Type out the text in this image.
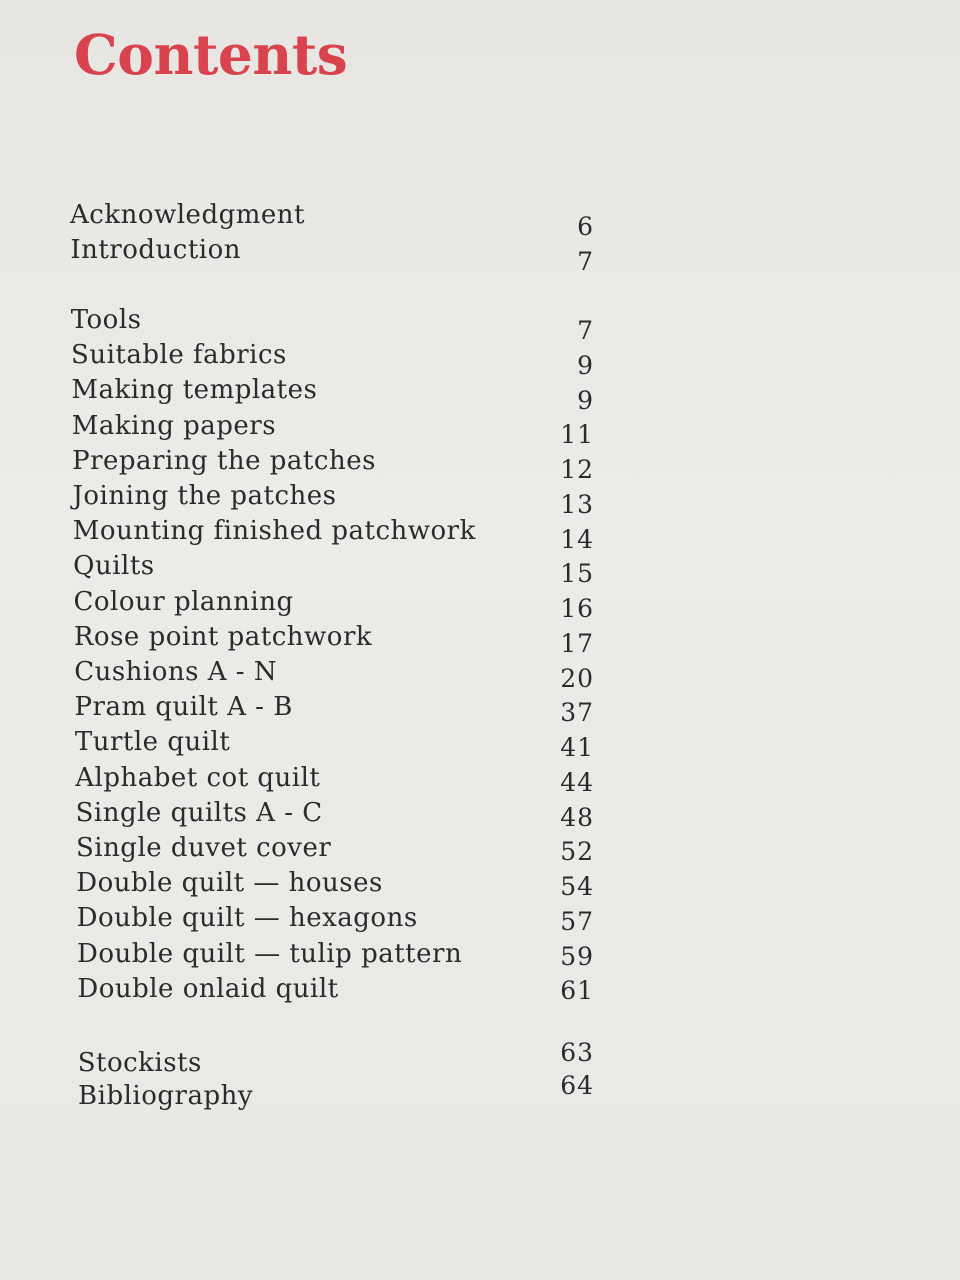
Contents
Acknowledgment	6
Introduction	7
Tools	7
Suitable fabrics	9
Making templates	9
Making papers	11
Preparing the patches	12
Joining the patches	13
Mounting finished patchwork	14
Quilts	15
Colour planning	16
Rose point patchwork	17
Cushions A - N	20
Pram quilt A - B	37
Turtle quilt	41
Alphabet cot quilt	44
Single quilts A - C	48
Single duvet cover	52
Double quilt — houses	54
Double quilt — hexagons	57
Double quilt — tulip pattern	59
Double onlaid quilt	61
Stockists	63
Bibliography	64
